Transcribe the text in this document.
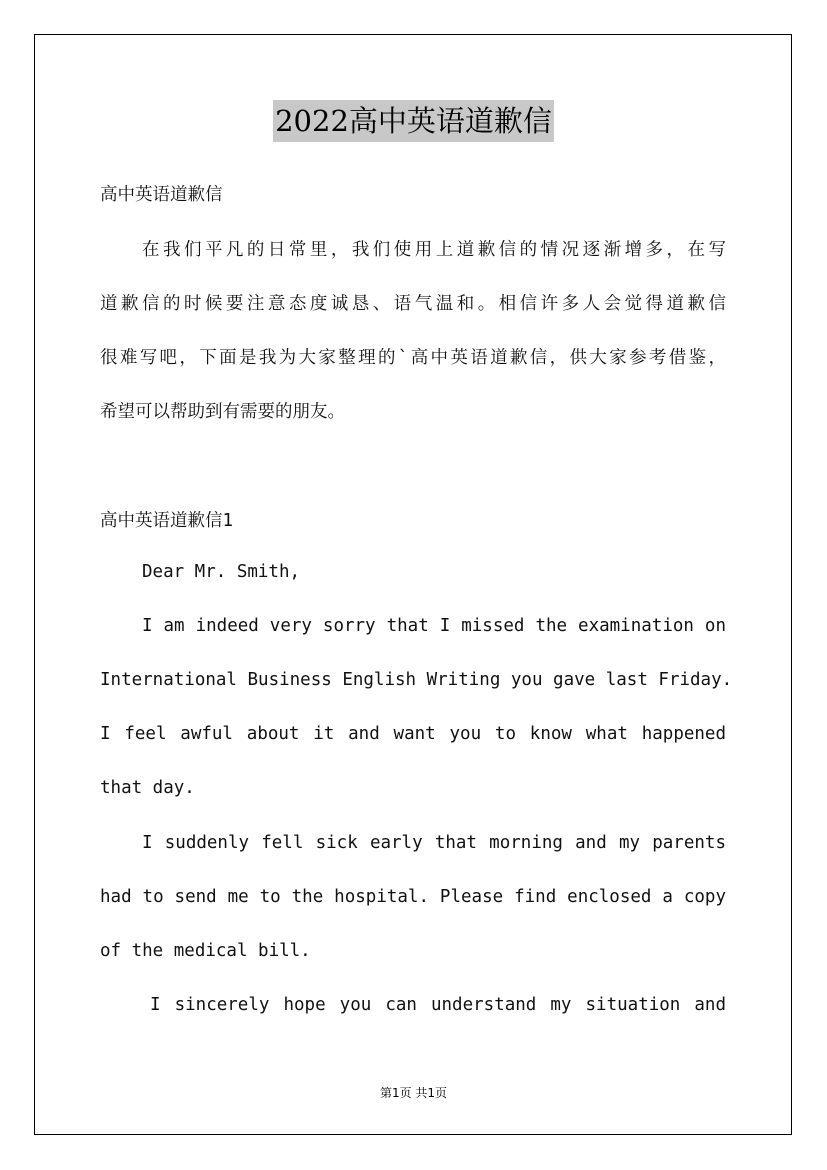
2022高中英语道歉信

高中英语道歉信

在我们平凡的日常里，我们使用上道歉信的情况逐渐增多，在写

道歉信的时候要注意态度诚恳、语气温和。相信许多人会觉得道歉信

很难写吧，下面是我为大家整理的`高中英语道歉信，供大家参考借鉴，

希望可以帮助到有需要的朋友。

高中英语道歉信1

Dear Mr. Smith,

I am indeed very sorry that I missed the examination on

International Business English Writing you gave last Friday.

I feel awful about it and want you to know what happened

that day.

I suddenly fell sick early that morning and my parents

had to send me to the hospital. Please find enclosed a copy

of the medical bill.

I sincerely hope you can understand my situation and

第1页 共1页
